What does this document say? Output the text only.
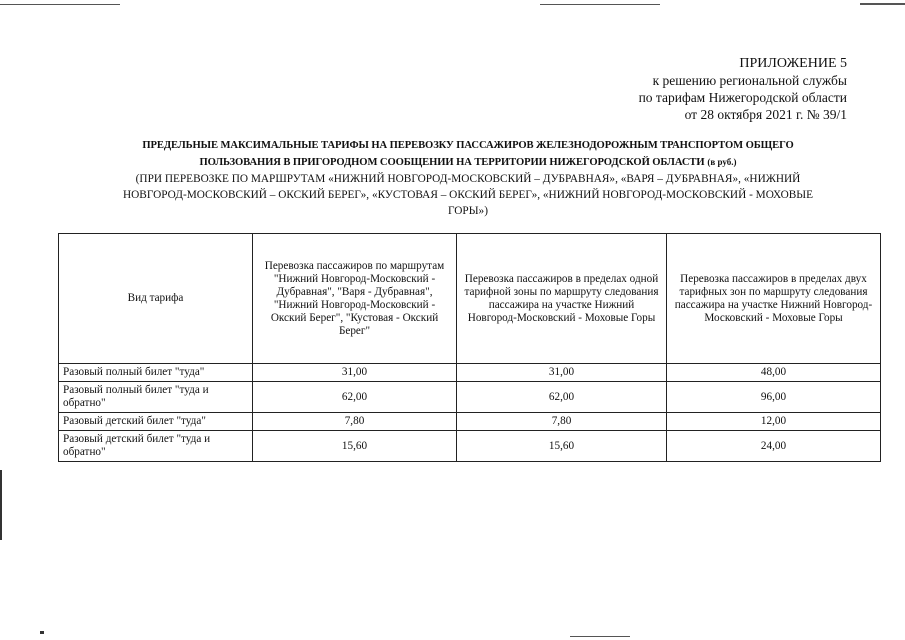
ПРИЛОЖЕНИЕ 5
к решению региональной службы
по тарифам Нижегородской области
от 28 октября 2021 г. № 39/1
ПРЕДЕЛЬНЫЕ МАКСИМАЛЬНЫЕ ТАРИФЫ НА ПЕРЕВОЗКУ ПАССАЖИРОВ ЖЕЛЕЗНОДОРОЖНЫМ ТРАНСПОРТОМ ОБЩЕГО
ПОЛЬЗОВАНИЯ В ПРИГОРОДНОМ СООБЩЕНИИ НА ТЕРРИТОРИИ НИЖЕГОРОДСКОЙ ОБЛАСТИ (в руб.)
(ПРИ ПЕРЕВОЗКЕ ПО МАРШРУТАМ «НИЖНИЙ НОВГОРОД-МОСКОВСКИЙ – ДУБРАВНАЯ», «ВАРЯ – ДУБРАВНАЯ», «НИЖНИЙ
НОВГОРОД-МОСКОВСКИЙ – ОКСКИЙ БЕРЕГ», «КУСТОВАЯ – ОКСКИЙ БЕРЕГ», «НИЖНИЙ НОВГОРОД-МОСКОВСКИЙ - МОХОВЫЕ
ГОРЫ»)
Вид тарифа	Перевозка пассажиров по маршрутам "Нижний Новгород-Московский - Дубравная", "Варя - Дубравная", "Нижний Новгород-Московский - Окский Берег", "Кустовая - Окский Берег"	Перевозка пассажиров в пределах одной тарифной зоны по маршруту следования пассажира на участке Нижний Новгород-Московский - Моховые Горы	Перевозка пассажиров в пределах двух тарифных зон по маршруту следования пассажира на участке Нижний Новгород-Московский - Моховые Горы
Разовый полный билет "туда"	31,00	31,00	48,00
Разовый полный билет "туда и обратно"	62,00	62,00	96,00
Разовый детский билет "туда"	7,80	7,80	12,00
Разовый детский билет "туда и обратно"	15,60	15,60	24,00
